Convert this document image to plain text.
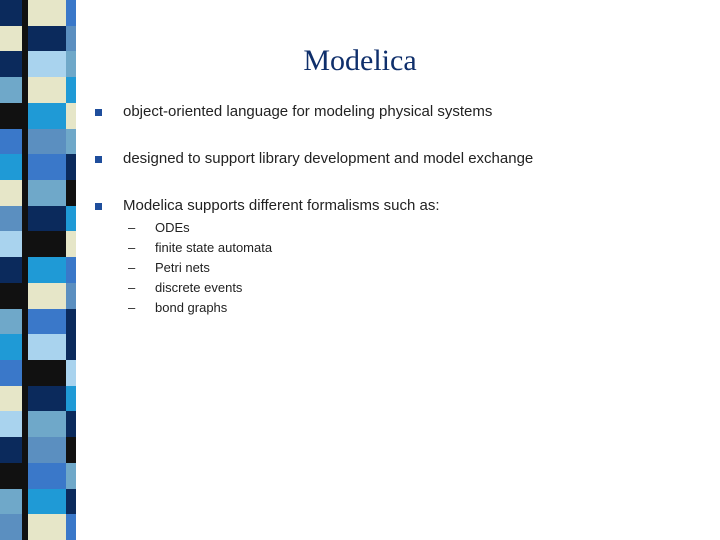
Modelica
object-oriented language for modeling physical systems
designed to support library development and model exchange
Modelica supports different formalisms such as:
– ODEs
– finite state automata
– Petri nets
– discrete events
– bond graphs
